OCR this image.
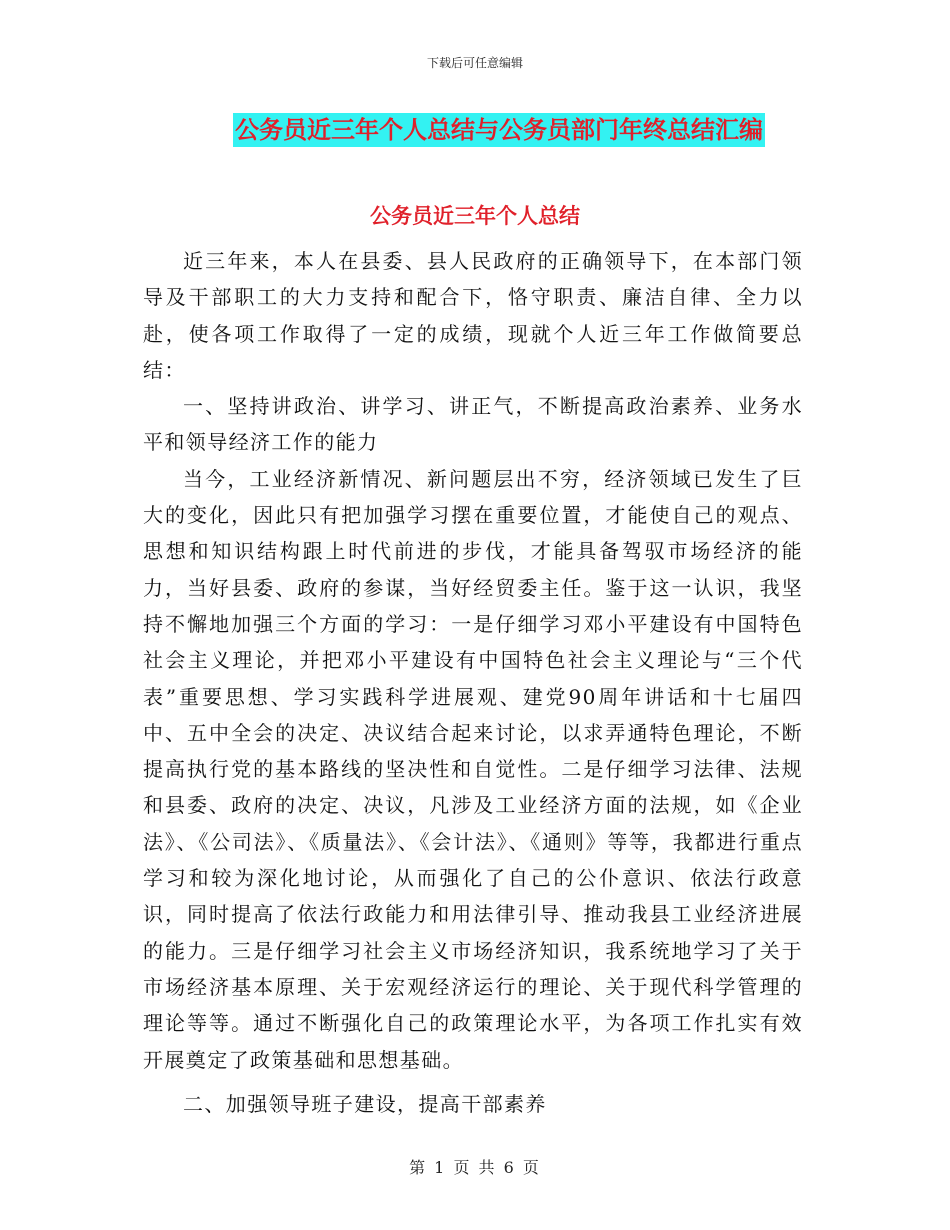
下载后可任意编辑
公务员近三年个人总结与公务员部门年终总结汇编
公务员近三年个人总结

近三年来，本人在县委、县人民政府的正确领导下，在本部门领导及干部职工的大力支持和配合下，恪守职责、廉洁自律、全力以赴，使各项工作取得了一定的成绩，现就个人近三年工作做简要总结：

一、坚持讲政治、讲学习、讲正气，不断提高政治素养、业务水平和领导经济工作的能力

当今，工业经济新情况、新问题层出不穷，经济领域已发生了巨大的变化，因此只有把加强学习摆在重要位置，才能使自己的观点、思想和知识结构跟上时代前进的步伐，才能具备驾驭市场经济的能力，当好县委、政府的参谋，当好经贸委主任。鉴于这一认识，我坚持不懈地加强三个方面的学习：一是仔细学习邓小平建设有中国特色社会主义理论，并把邓小平建设有中国特色社会主义理论与“三个代表”重要思想、学习实践科学进展观、建党90周年讲话和十七届四中、五中全会的决定、决议结合起来讨论，以求弄通特色理论，不断提高执行党的基本路线的坚决性和自觉性。二是仔细学习法律、法规和县委、政府的决定、决议，凡涉及工业经济方面的法规，如《企业法》、《公司法》、《质量法》、《会计法》、《通则》等等，我都进行重点学习和较为深化地讨论，从而强化了自己的公仆意识、依法行政意识，同时提高了依法行政能力和用法律引导、推动我县工业经济进展的能力。三是仔细学习社会主义市场经济知识，我系统地学习了关于市场经济基本原理、关于宏观经济运行的理论、关于现代科学管理的理论等等。通过不断强化自己的政策理论水平，为各项工作扎实有效开展奠定了政策基础和思想基础。

二、加强领导班子建设，提高干部素养

第 1 页 共 6 页
